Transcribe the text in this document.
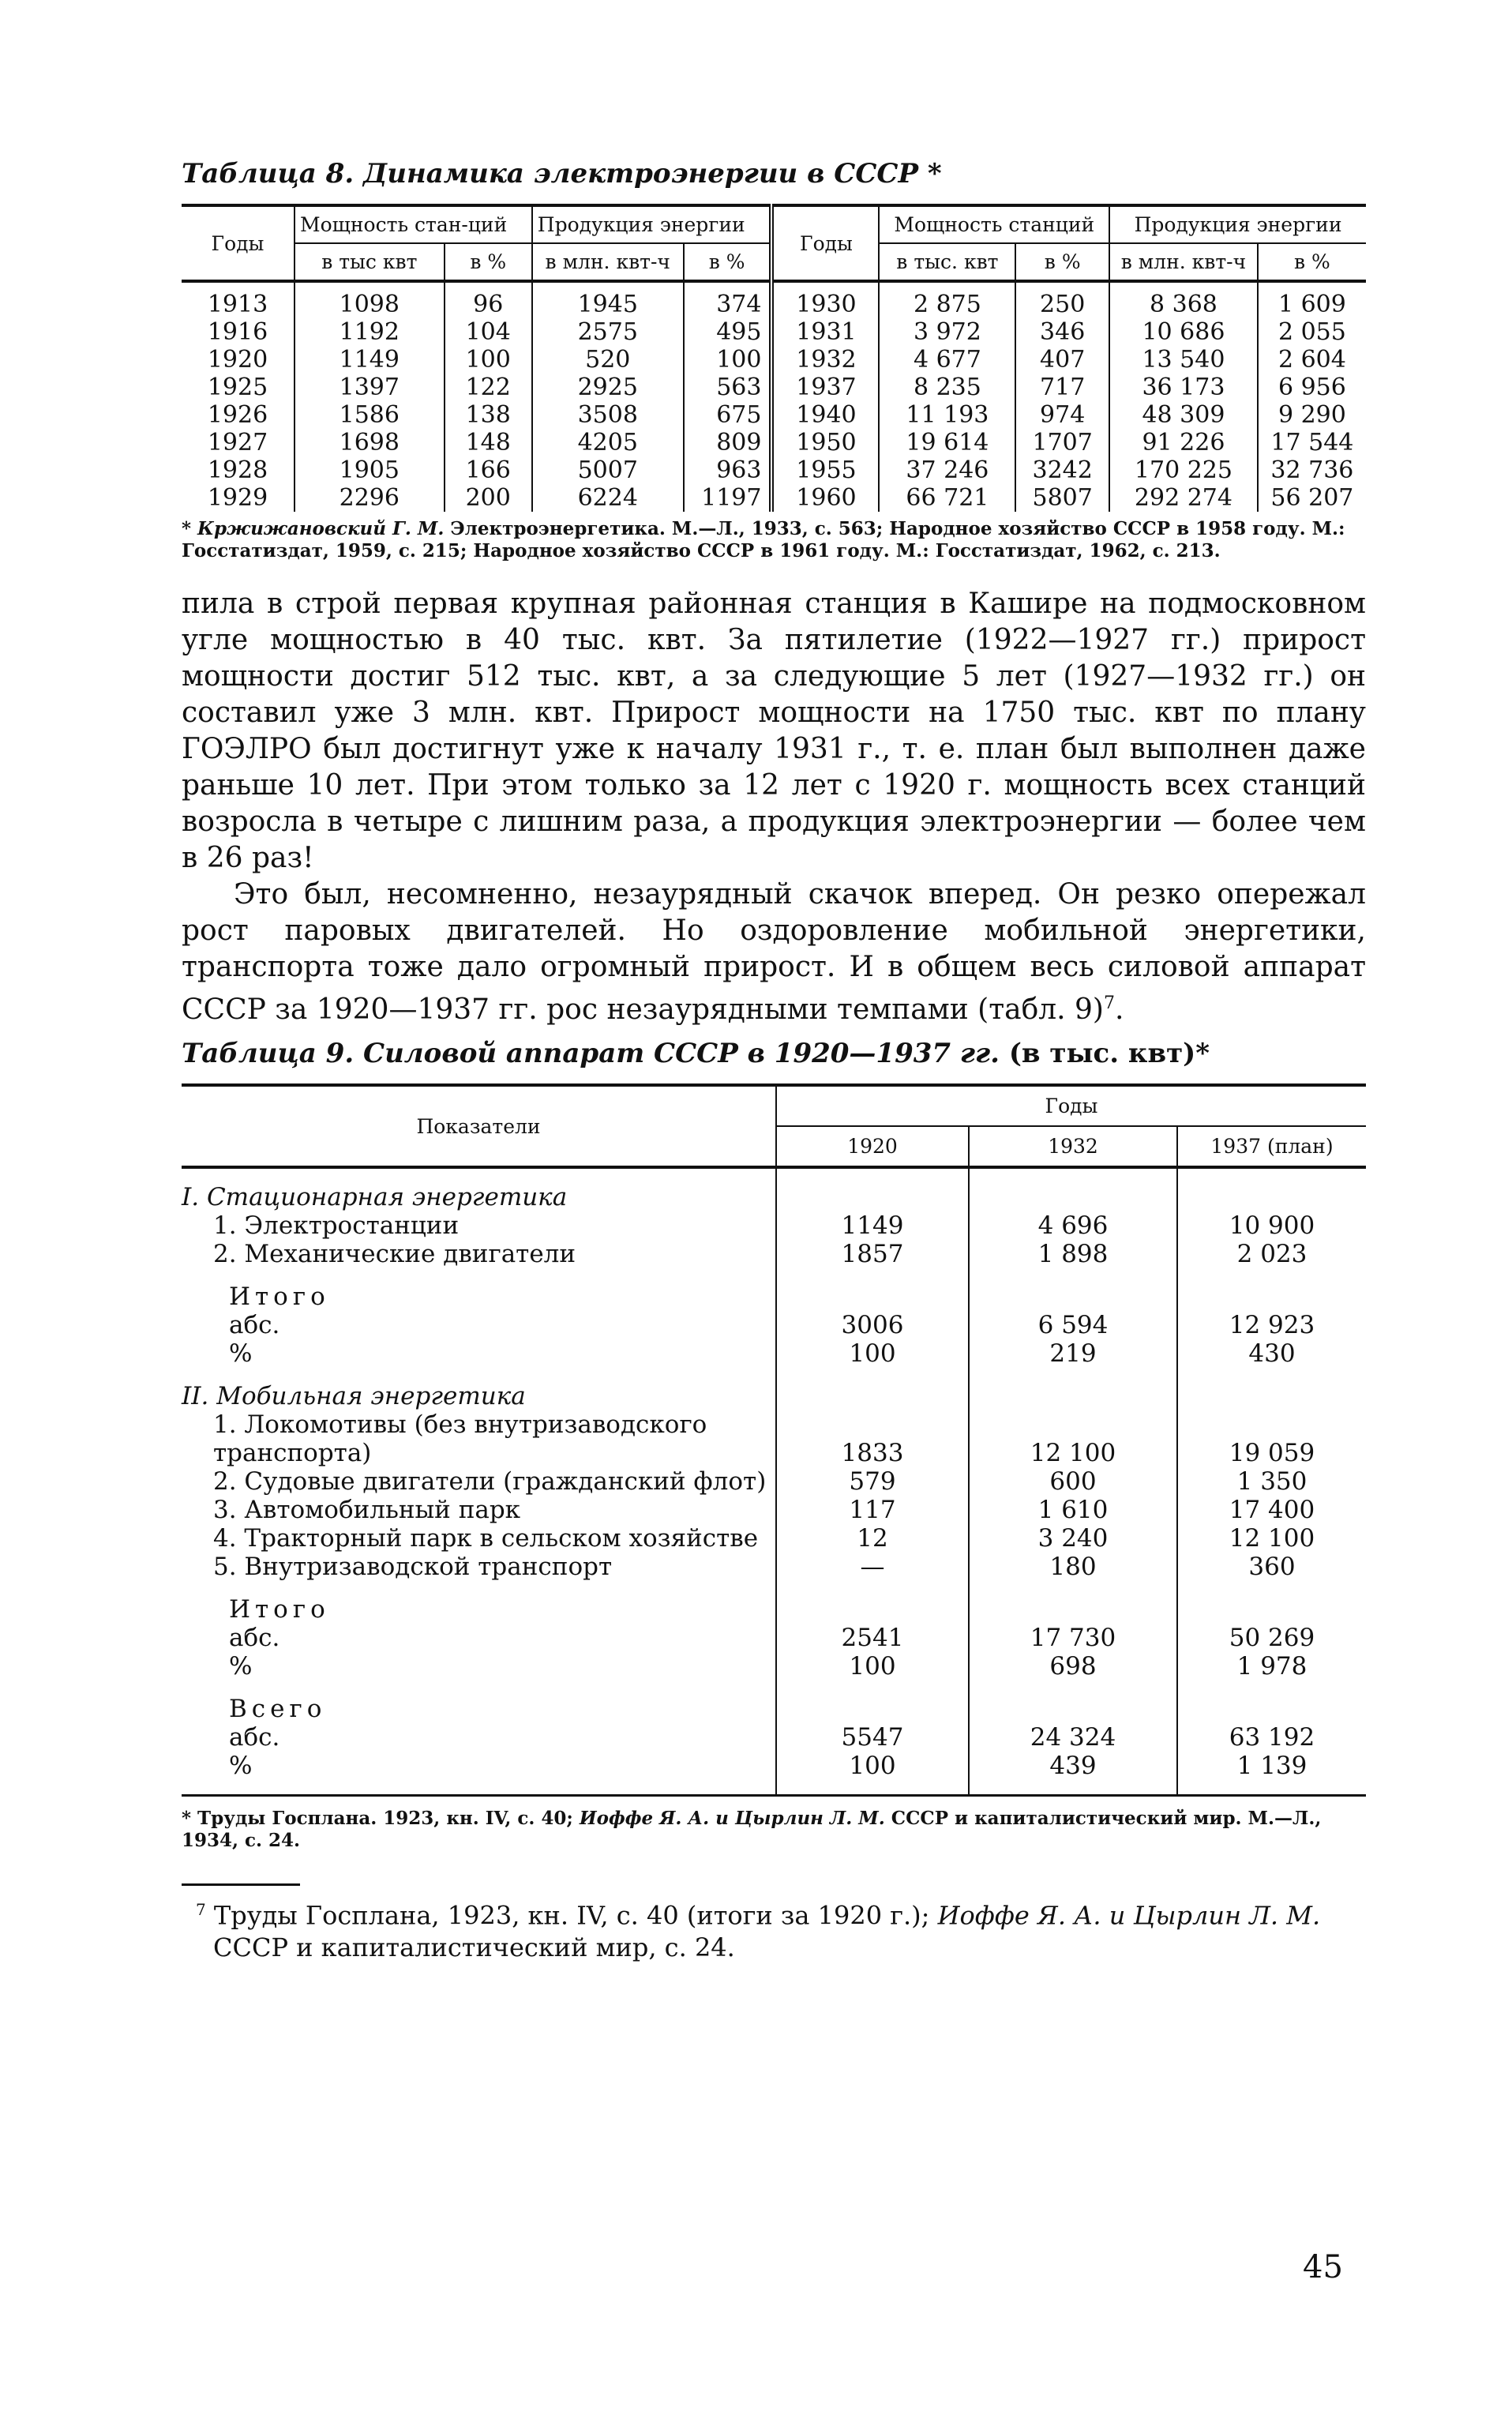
Таблица 8. Динамика электроэнергии в СССР *
Годы	Мощность стан-ций		Продукция энергии		Годы	Мощность станций		Продукция энергии	
	в тыс квт	в %	в млн. квт-ч	в %		в тыс. квт	в %	в млн. квт-ч	в %
1913	1098	96	1945	374	1930	2 875	250	8 368	1 609
1916	1192	104	2575	495	1931	3 972	346	10 686	2 055
1920	1149	100	520	100	1932	4 677	407	13 540	2 604
1925	1397	122	2925	563	1937	8 235	717	36 173	6 956
1926	1586	138	3508	675	1940	11 193	974	48 309	9 290
1927	1698	148	4205	809	1950	19 614	1707	91 226	17 544
1928	1905	166	5007	963	1955	37 246	3242	170 225	32 736
1929	2296	200	6224	1197	1960	66 721	5807	292 274	56 207
* Кржижановский Г. М. Электроэнергетика. М.—Л., 1933, с. 563; Народное хозяйство СССР в 1958 году. М.: Госстатиздат, 1959, с. 215; Народное хозяйство СССР в 1961 году. М.: Госстатиздат, 1962, с. 213.

пила в строй первая крупная районная станция в Кашире на подмосковном угле мощностью в 40 тыс. квт. За пятилетие (1922—1927 гг.) прирост мощности достиг 512 тыс. квт, а за следующие 5 лет (1927—1932 гг.) он составил уже 3 млн. квт. Прирост мощности на 1750 тыс. квт по плану ГОЭЛРО был достигнут уже к началу 1931 г., т. е. план был выполнен даже раньше 10 лет. При этом только за 12 лет с 1920 г. мощность всех станций возросла в четыре с лишним раза, а продукция электроэнергии — более чем в 26 раз!

Это был, несомненно, незаурядный скачок вперед. Он резко опережал рост паровых двигателей. Но оздоровление мобильной энергетики, транспорта тоже дало огромный прирост. И в общем весь силовой аппарат СССР за 1920—1937 гг. рос незаурядными темпами (табл. 9)$^7$.

Таблица 9. Силовой аппарат СССР в 1920—1937 гг. (в тыс. квт)*
Показатели	Годы		
	1920	1932	1937 (план)

I. Стационарная энергетика			
1. Электростанции	1149	4 696	10 900
2. Механические двигатели	1857	1 898	2 023

Итого			
абс.	3006	6 594	12 923
%	100	219	430

II. Мобильная энергетика			
1. Локомотивы (без внутризаводского транспорта)	1833	12 100	19 059
2. Судовые двигатели (гражданский флот)	579	600	1 350
3. Автомобильный парк	117	1 610	17 400
4. Тракторный парк в сельском хозяйстве	12	3 240	12 100
5. Внутризаводской транспорт	—	180	360

Итого			
абс.	2541	17 730	50 269
%	100	698	1 978

Всего			
абс.	5547	24 324	63 192
%	100	439	1 139
* Труды Госплана. 1923, кн. IV, с. 40; Иоффе Я. А. и Цырлин Л. М. СССР и капиталистический мир. М.—Л., 1934, с. 24.
$^7$ Труды Госплана, 1923, кн. IV, с. 40 (итоги за 1920 г.); Иоффе Я. А. и Цырлин Л. М. СССР и капиталистический мир, с. 24.
45
